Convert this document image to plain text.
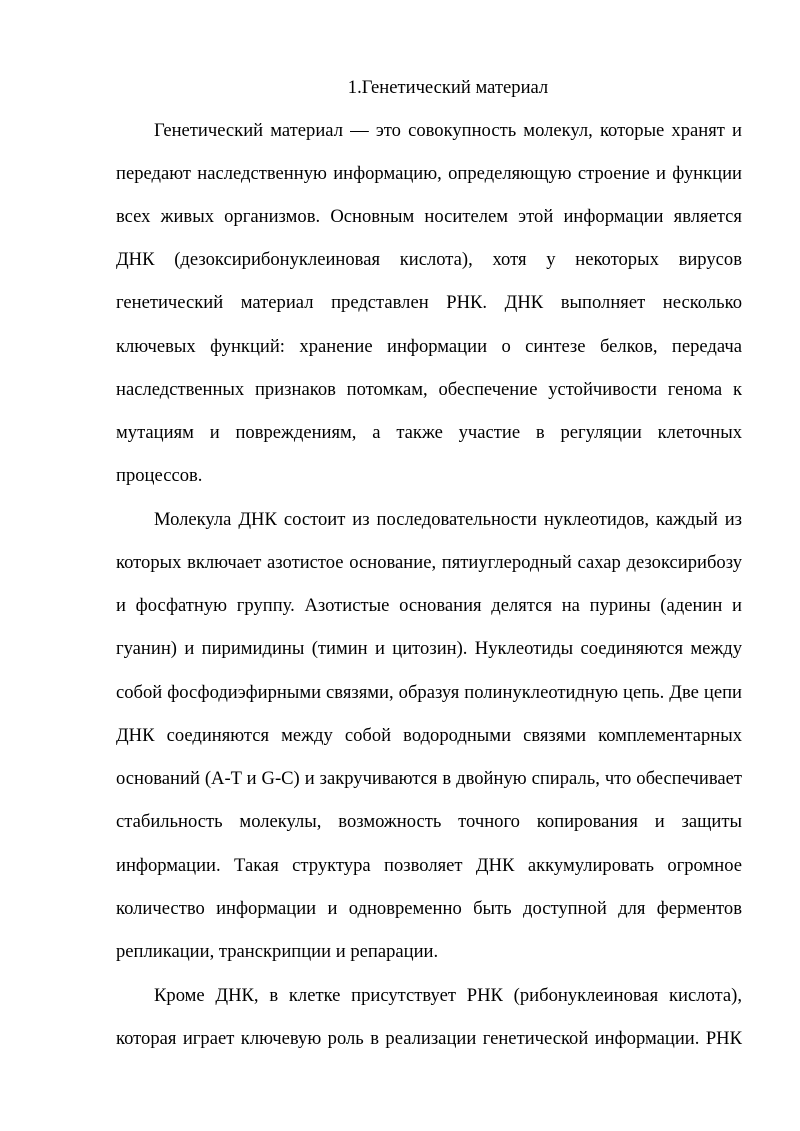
1.Генетический материал
Генетический материал — это совокупность молекул, которые хранят и
передают наследственную информацию, определяющую строение и функции
всех живых организмов. Основным носителем этой информации является
ДНК (дезоксирибонуклеиновая кислота), хотя у некоторых вирусов
генетический материал представлен РНК. ДНК выполняет несколько
ключевых функций: хранение информации о синтезе белков, передача
наследственных признаков потомкам, обеспечение устойчивости генома к
мутациям и повреждениям, а также участие в регуляции клеточных
процессов.
Молекула ДНК состоит из последовательности нуклеотидов, каждый из
которых включает азотистое основание, пятиуглеродный сахар дезоксирибозу
и фосфатную группу. Азотистые основания делятся на пурины (аденин и
гуанин) и пиримидины (тимин и цитозин). Нуклеотиды соединяются между
собой фосфодиэфирными связями, образуя полинуклеотидную цепь. Две цепи
ДНК соединяются между собой водородными связями комплементарных
оснований (A-T и G-C) и закручиваются в двойную спираль, что обеспечивает
стабильность молекулы, возможность точного копирования и защиты
информации. Такая структура позволяет ДНК аккумулировать огромное
количество информации и одновременно быть доступной для ферментов
репликации, транскрипции и репарации.
Кроме ДНК, в клетке присутствует РНК (рибонуклеиновая кислота),
которая играет ключевую роль в реализации генетической информации. РНК
